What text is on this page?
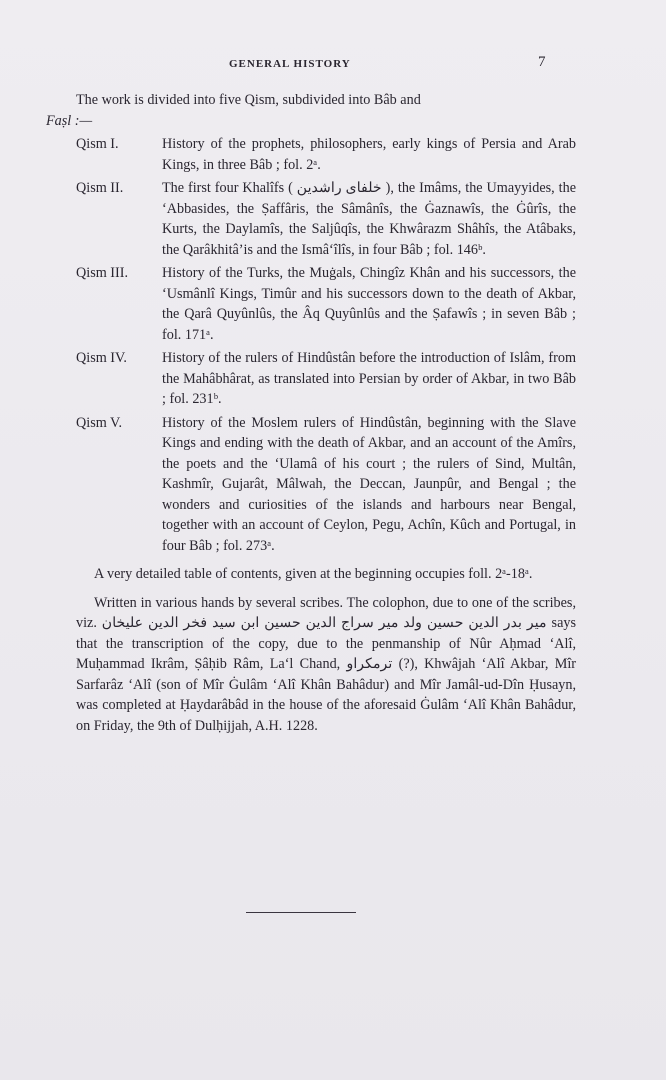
GENERAL HISTORY	7

The work is divided into five Qism, subdivided into Bâb and

Faṣl :—

Qism I.	History of the prophets, philosophers, early kings of Persia and Arab Kings, in three Bâb ; fol. 2ᵃ.
Qism II.	The first four Khalîfs ( خلفای راشدین ), the Imâms, the Umayyides, the ‘Abbasides, the Ṣaffâris, the Sâmânîs, the Ġaznawîs, the Ġûrîs, the Kurts, the Daylamîs, the Saljûqîs, the Khwârazm Shâhîs, the Atâbaks, the Qarâkhitâ’is and the Ismâ‘îlîs, in four Bâb ; fol. 146ᵇ.
Qism III.	History of the Turks, the Muġals, Chingîz Khân and his successors, the ‘Usmânlî Kings, Timûr and his successors down to the death of Akbar, the Qarâ Quyûnlûs, the Âq Quyûnlûs and the Ṣafawîs ; in seven Bâb ; fol. 171ᵃ.
Qism IV.	History of the rulers of Hindûstân before the introduction of Islâm, from the Mahâbhârat, as translated into Persian by order of Akbar, in two Bâb ; fol. 231ᵇ.
Qism V.	History of the Moslem rulers of Hindûstân, beginning with the Slave Kings and ending with the death of Akbar, and an account of the Amîrs, the poets and the ‘Ulamâ of his court ; the rulers of Sind, Multân, Kashmîr, Gujarât, Mâlwah, the Deccan, Jaunpûr, and Bengal ; the wonders and curiosities of the islands and harbours near Bengal, together with an account of Ceylon, Pegu, Achîn, Kûch and Portugal, in four Bâb ; fol. 273ᵃ.

A very detailed table of contents, given at the beginning occupies foll. 2ᵃ-18ᵃ.

Written in various hands by several scribes. The colophon, due to one of the scribes, viz. میر بدر الدین حسین ولد میر سراج الدین حسین ابن سید فخر الدین علیخان says that the transcription of the copy, due to the penmanship of Nûr Aḥmad ‘Alî, Muḥammad Ikrâm, Ṣâḥib Râm, La‘l Chand, ترمکراو (?), Khwâjah ‘Alî Akbar, Mîr Sarfarâz ‘Alî (son of Mîr Ġulâm ‘Alî Khân Bahâdur) and Mîr Jamâl-ud-Dîn Ḥusayn, was completed at Ḥaydarâbâd in the house of the aforesaid Ġulâm ‘Alî Khân Bahâdur, on Friday, the 9th of Dulḥijjah, A.H. 1228.
